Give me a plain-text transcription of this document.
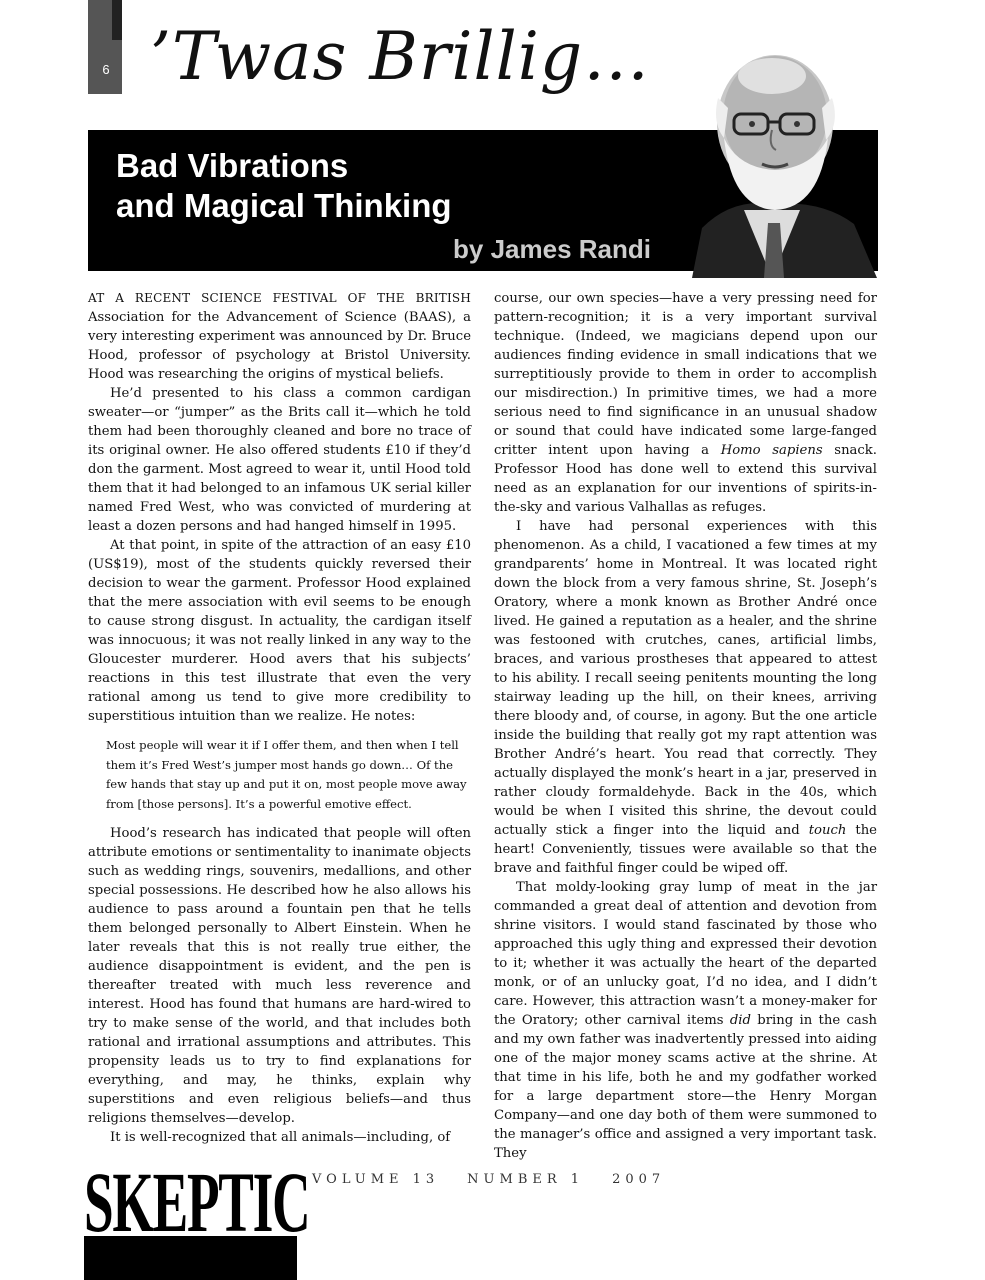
6 ’Twas Brillig…
Bad Vibrations
and Magical Thinking
by James Randi

AT A RECENT SCIENCE FESTIVAL OF THE BRITISH Association for the Advancement of Science (BAAS), a very interesting experiment was announced by Dr. Bruce Hood, professor of psychology at Bristol University. Hood was researching the origins of mystical beliefs.

He’d presented to his class a common cardigan sweater—or “jumper” as the Brits call it—which he told them had been thoroughly cleaned and bore no trace of its original owner. He also offered students £10 if they’d don the garment. Most agreed to wear it, until Hood told them that it had belonged to an infamous UK serial killer named Fred West, who was convicted of murdering at least a dozen persons and had hanged himself in 1995.

At that point, in spite of the attraction of an easy £10 (US$19), most of the students quickly reversed their decision to wear the garment. Professor Hood explained that the mere association with evil seems to be enough to cause strong disgust. In actuality, the cardigan itself was innocuous; it was not really linked in any way to the Gloucester murderer. Hood avers that his subjects’ reactions in this test illustrate that even the very rational among us tend to give more credibility to superstitious intuition than we realize. He notes:

Most people will wear it if I offer them, and then when I tell them it’s Fred West’s jumper most hands go down… Of the few hands that stay up and put it on, most people move away from [those persons]. It’s a powerful emotive effect.

Hood’s research has indicated that people will often attribute emotions or sentimentality to inanimate objects such as wedding rings, souvenirs, medallions, and other special possessions. He described how he also allows his audience to pass around a fountain pen that he tells them belonged personally to Albert Einstein. When he later reveals that this is not really true either, the audience disappointment is evident, and the pen is thereafter treated with much less reverence and interest. Hood has found that humans are hard-wired to try to make sense of the world, and that includes both rational and irrational assumptions and attributes. This propensity leads us to try to find explanations for everything, and may, he thinks, explain why superstitions and even religious beliefs—and thus religions themselves—develop.

It is well-recognized that all animals—including, of

course, our own species—have a very pressing need for pattern-recognition; it is a very important survival technique. (Indeed, we magicians depend upon our audiences finding evidence in small indications that we surreptitiously provide to them in order to accomplish our misdirection.) In primitive times, we had a more serious need to find significance in an unusual shadow or sound that could have indicated some large-fanged critter intent upon having a Homo sapiens snack. Professor Hood has done well to extend this survival need as an explanation for our inventions of spirits-in-the-sky and various Valhallas as refuges.

I have had personal experiences with this phenomenon. As a child, I vacationed a few times at my grandparents’ home in Montreal. It was located right down the block from a very famous shrine, St. Joseph’s Oratory, where a monk known as Brother André once lived. He gained a reputation as a healer, and the shrine was festooned with crutches, canes, artificial limbs, braces, and various prostheses that appeared to attest to his ability. I recall seeing penitents mounting the long stairway leading up the hill, on their knees, arriving there bloody and, of course, in agony. But the one article inside the building that really got my rapt attention was Brother André’s heart. You read that correctly. They actually displayed the monk’s heart in a jar, preserved in rather cloudy formaldehyde. Back in the 40s, which would be when I visited this shrine, the devout could actually stick a finger into the liquid and touch the heart! Conveniently, tissues were available so that the brave and faithful finger could be wiped off.

That moldy-looking gray lump of meat in the jar commanded a great deal of attention and devotion from shrine visitors. I would stand fascinated by those who approached this ugly thing and expressed their devotion to it; whether it was actually the heart of the departed monk, or of an unlucky goat, I’d no idea, and I didn’t care. However, this attraction wasn’t a money-maker for the Oratory; other carnival items did bring in the cash and my own father was inadvertently pressed into aiding one of the major money scams active at the shrine. At that time in his life, both he and my godfather worked for a large department store—the Henry Morgan Company—and one day both of them were summoned to the manager’s office and assigned a very important task. They

SKEPTIC VOLUME 13 NUMBER 1 2007
